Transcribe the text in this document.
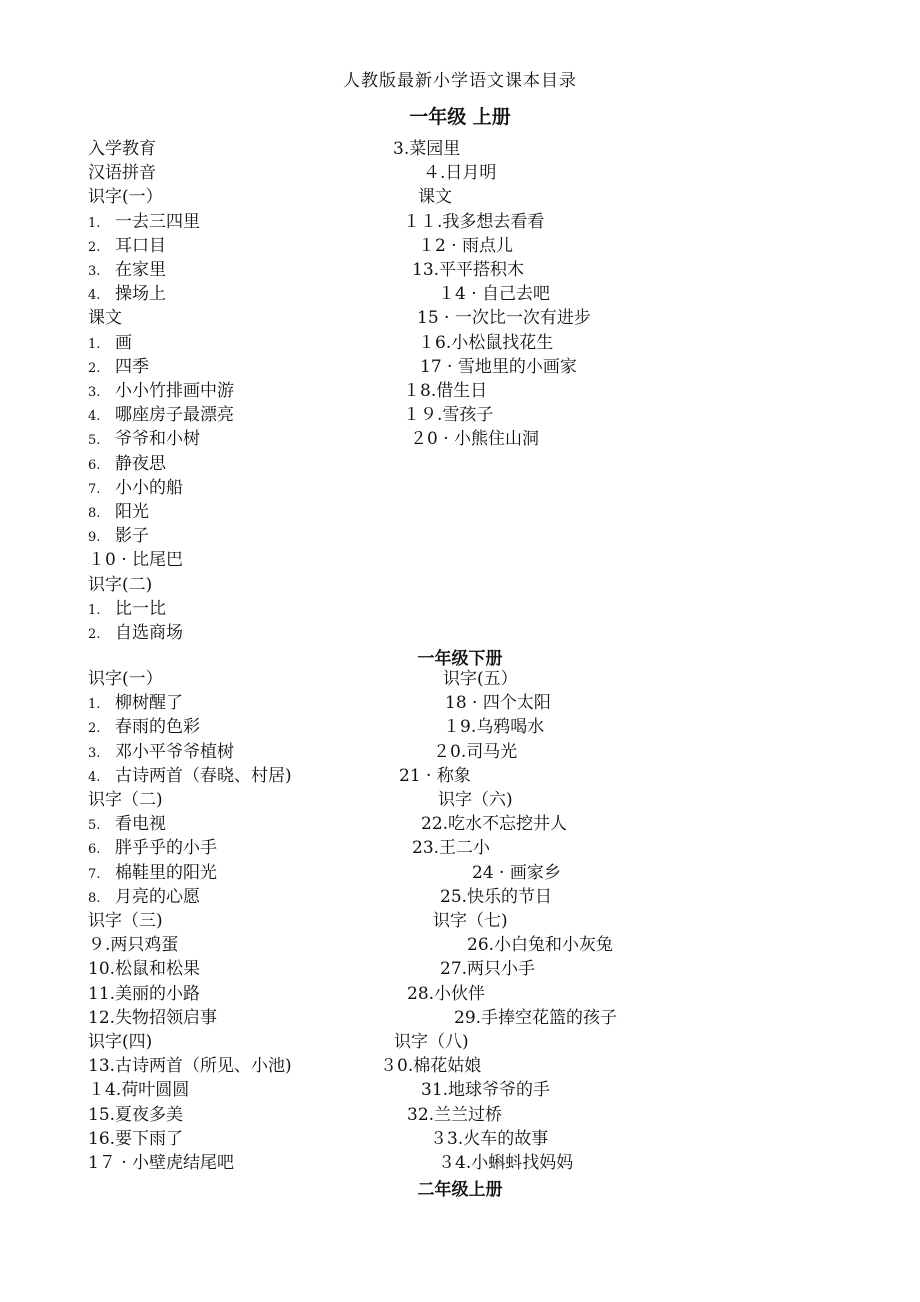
人教版最新小学语文课本目录
一年级 上册
一年级下册
二年级上册
入学教育
汉语拼音
识字(一）
1. 一去三四里
2. 耳口目
3. 在家里
4. 操场上
课文
1. 画
2. 四季
3. 小小竹排画中游
4. 哪座房子最漂亮
5. 爷爷和小树
6. 静夜思
7. 小小的船
8. 阳光
9. 影子
１0 · 比尾巴
识字(二)
1. 比一比
2. 自选商场
3.菜园里
４.日月明
课文
１１.我多想去看看
１2 · 雨点儿
13.平平搭积木
１4 · 自己去吧
15 · 一次比一次有进步
１6.小松鼠找花生
17 · 雪地里的小画家
１8.借生日
１９.雪孩子
２0 · 小熊住山洞
识字(一）
1. 柳树醒了
2. 春雨的色彩
3. 邓小平爷爷植树
4. 古诗两首（春晓、村居)
识字（二)
5. 看电视
6. 胖乎乎的小手
7. 棉鞋里的阳光
8. 月亮的心愿
识字（三)
９.两只鸡蛋
10.松鼠和松果
11.美丽的小路
12.失物招领启事
识字(四)
13.古诗两首（所见、小池)
１4.荷叶圆圆
15.夏夜多美
16.要下雨了
1７ · 小壁虎结尾吧
识字(五）
18 · 四个太阳
１9.乌鸦喝水
２0.司马光
21 · 称象
识字（六)
22.吃水不忘挖井人
23.王二小
24 · 画家乡
25.快乐的节日
识字（七)
26.小白兔和小灰兔
27.两只小手
28.小伙伴
29.手捧空花篮的孩子
识字（八)
３0.棉花姑娘
31.地球爷爷的手
32.兰兰过桥
３3.火车的故事
３4.小蝌蚪找妈妈
